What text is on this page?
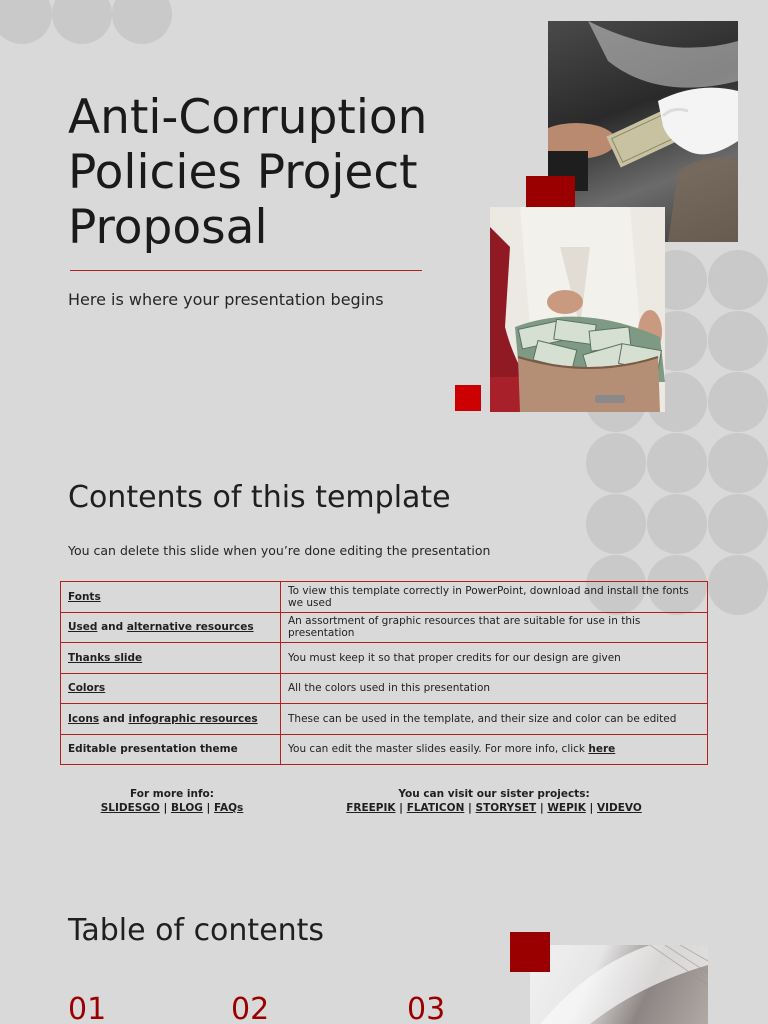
Anti-Corruption
Policies Project
Proposal
Here is where your presentation begins
Contents of this template
You can delete this slide when you’re done editing the presentation
Fonts	To view this template correctly in PowerPoint, download and install the fonts we used
Used and alternative resources	An assortment of graphic resources that are suitable for use in this presentation
Thanks slide	You must keep it so that proper credits for our design are given
Colors	All the colors used in this presentation
Icons and infographic resources	These can be used in the template, and their size and color can be edited
Editable presentation theme	You can edit the master slides easily. For more info, click here
For more info:
SLIDESGO | BLOG | FAQs
You can visit our sister projects:
FREEPIK | FLATICON | STORYSET | WEPIK | VIDEVO
Table of contents
01	02	03
